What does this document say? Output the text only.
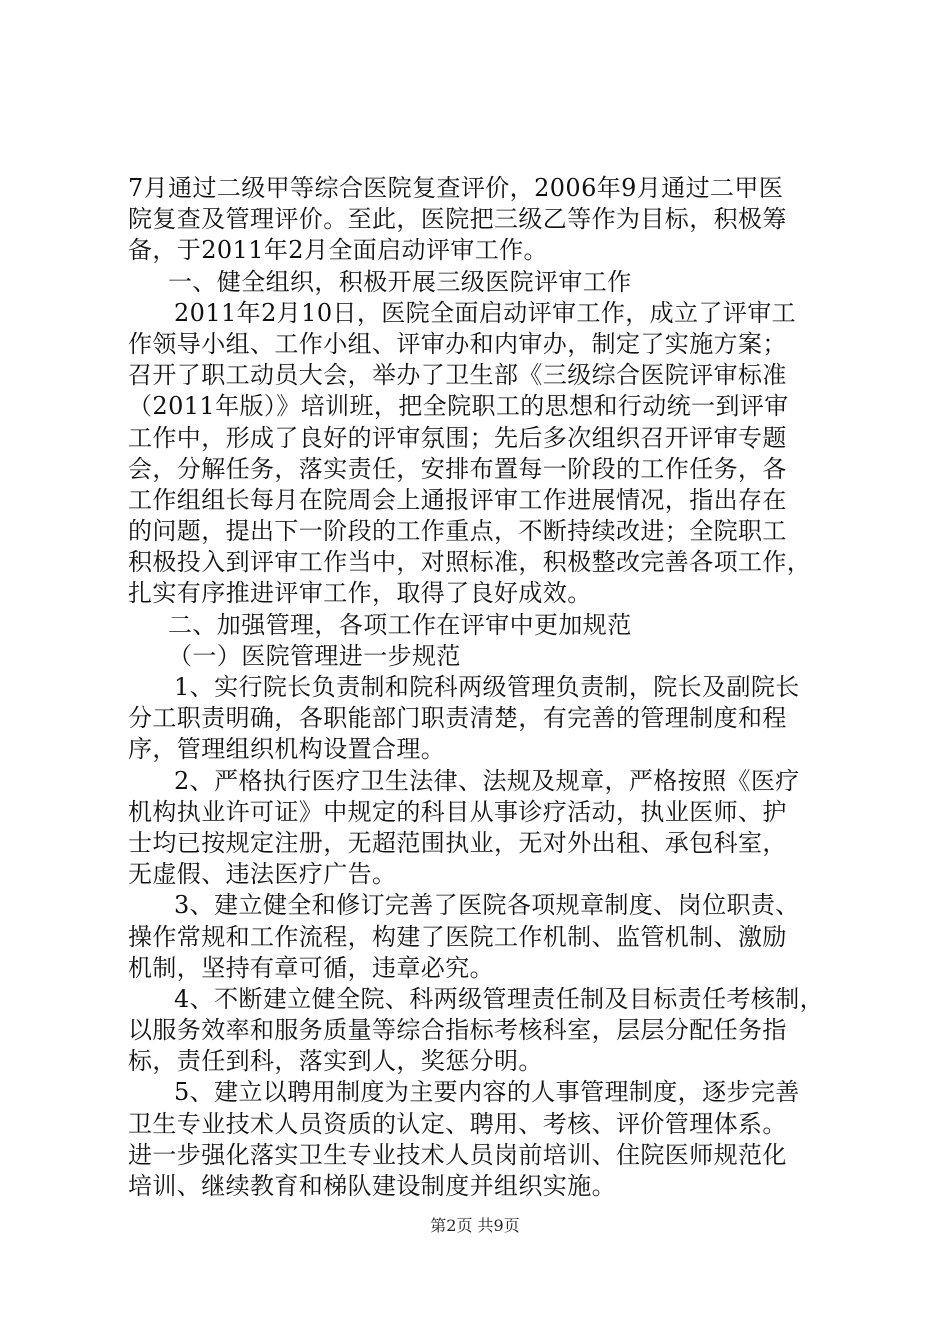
7月通过二级甲等综合医院复查评价，2006年9月通过二甲医
院复查及管理评价。至此，医院把三级乙等作为目标，积极筹
备，于2011年2月全面启动评审工作。
一、健全组织，积极开展三级医院评审工作
2011年2月10日，医院全面启动评审工作，成立了评审工
作领导小组、工作小组、评审办和内审办，制定了实施方案；
召开了职工动员大会，举办了卫生部《三级综合医院评审标准
（2011年版）》培训班，把全院职工的思想和行动统一到评审
工作中，形成了良好的评审氛围；先后多次组织召开评审专题
会，分解任务，落实责任，安排布置每一阶段的工作任务，各
工作组组长每月在院周会上通报评审工作进展情况，指出存在
的问题，提出下一阶段的工作重点，不断持续改进；全院职工
积极投入到评审工作当中，对照标准，积极整改完善各项工作，
扎实有序推进评审工作，取得了良好成效。
二、加强管理，各项工作在评审中更加规范
（一）医院管理进一步规范
1、实行院长负责制和院科两级管理负责制，院长及副院长
分工职责明确，各职能部门职责清楚，有完善的管理制度和程
序，管理组织机构设置合理。
2、严格执行医疗卫生法律、法规及规章，严格按照《医疗
机构执业许可证》中规定的科目从事诊疗活动，执业医师、护
士均已按规定注册，无超范围执业，无对外出租、承包科室，
无虚假、违法医疗广告。
3、建立健全和修订完善了医院各项规章制度、岗位职责、
操作常规和工作流程，构建了医院工作机制、监管机制、激励
机制，坚持有章可循，违章必究。
4、不断建立健全院、科两级管理责任制及目标责任考核制，
以服务效率和服务质量等综合指标考核科室，层层分配任务指
标，责任到科，落实到人，奖惩分明。
5、建立以聘用制度为主要内容的人事管理制度，逐步完善
卫生专业技术人员资质的认定、聘用、考核、评价管理体系。
进一步强化落实卫生专业技术人员岗前培训、住院医师规范化
培训、继续教育和梯队建设制度并组织实施。
第2页 共9页
